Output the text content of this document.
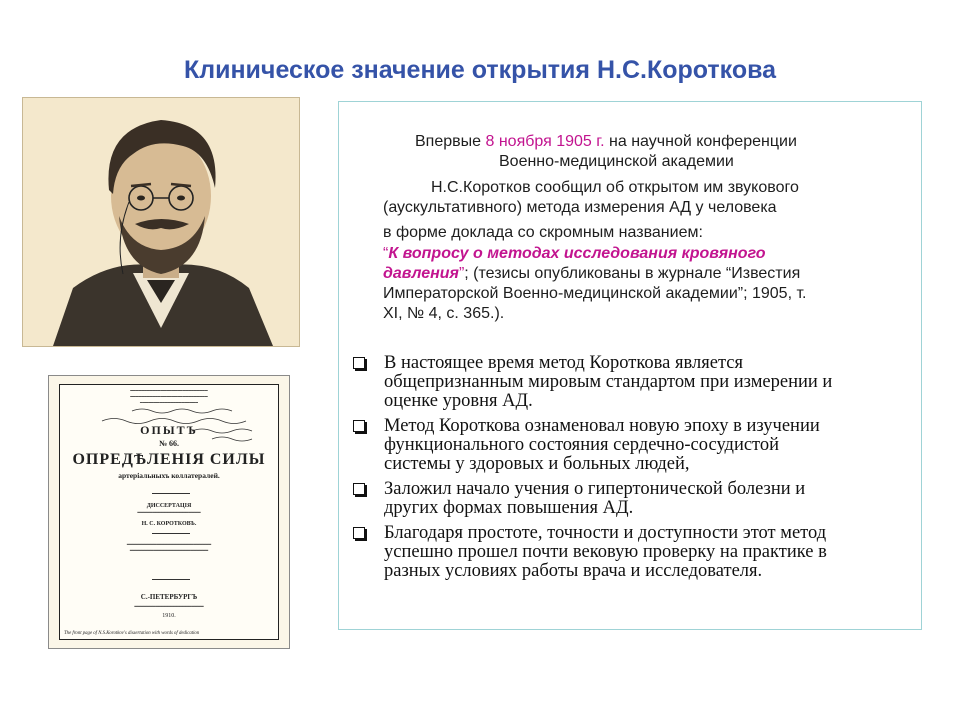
Клиническое значение открытия Н.С.Короткова
━━━━━━━━━━━━━━━━━━━━━━━━━━━━
━━━━━━━━━━━━━━━━━━━━━━━━━━━━
━━━━━━━━━━━━━━━━━━━━━
ОПЫТЪ
№ 66.
ОПРЕДѢЛЕНІЯ СИЛЫ
артеріальныхъ коллатералей.
ДИССЕРТАЦІЯ
━━━━━━━━━━━━━━━━━━━━━
Н. С. КОРОТКОВЪ.
━━━━━━━━━━━━━━━━━━━━━━━━━━━━
━━━━━━━━━━━━━━━━━━━━━━━━━━
С.-ПЕТЕРБУРГЪ
━━━━━━━━━━━━━━━━━━━━━━━
1910.
The front page of N.S.Korotkov's dissertation with words of dedication
Впервые 8 ноября 1905 г. на научной конференции
Военно-медицинской академии
Н.С.Коротков сообщил об открытом им звукового
(аускультативного) метода измерения АД у человека
в форме доклада со скромным названием:
“К вопросу о методах исследования кровяного
давления”; (тезисы опубликованы в журнале “Известия
Императорской Военно-медицинской академии”; 1905, т.
XI, № 4, с. 365.).
В настоящее время метод Короткова является
общепризнанным мировым стандартом при измерении и
оценке уровня АД.
Метод Короткова ознаменовал новую эпоху в изучении
функционального состояния сердечно-сосудистой
системы у здоровых и больных людей,
Заложил начало учения о гипертонической болезни и
других формах повышения АД.
Благодаря простоте, точности и доступности этот метод
успешно прошел почти вековую проверку на практике в
разных условиях работы врача и исследователя.
